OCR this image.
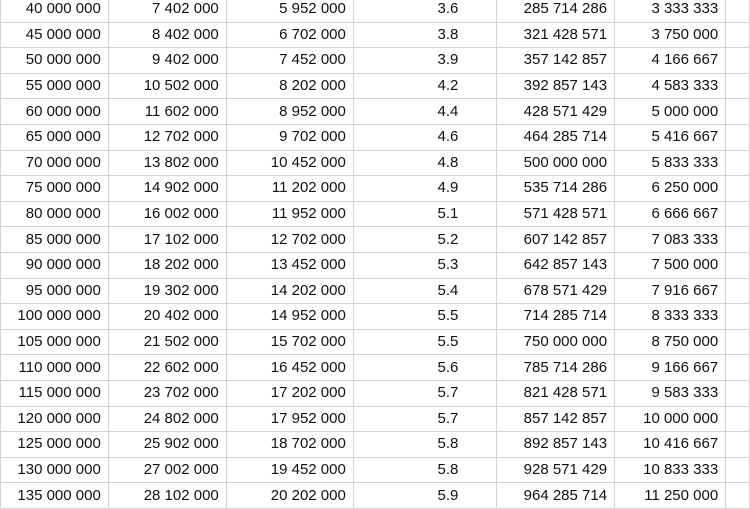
40 000 000	7 402 000	5 952 000	3.6	285 714 286	3 333 333	
45 000 000	8 402 000	6 702 000	3.8	321 428 571	3 750 000	
50 000 000	9 402 000	7 452 000	3.9	357 142 857	4 166 667	
55 000 000	10 502 000	8 202 000	4.2	392 857 143	4 583 333	
60 000 000	11 602 000	8 952 000	4.4	428 571 429	5 000 000	
65 000 000	12 702 000	9 702 000	4.6	464 285 714	5 416 667	
70 000 000	13 802 000	10 452 000	4.8	500 000 000	5 833 333	
75 000 000	14 902 000	11 202 000	4.9	535 714 286	6 250 000	
80 000 000	16 002 000	11 952 000	5.1	571 428 571	6 666 667	
85 000 000	17 102 000	12 702 000	5.2	607 142 857	7 083 333	
90 000 000	18 202 000	13 452 000	5.3	642 857 143	7 500 000	
95 000 000	19 302 000	14 202 000	5.4	678 571 429	7 916 667	
100 000 000	20 402 000	14 952 000	5.5	714 285 714	8 333 333	
105 000 000	21 502 000	15 702 000	5.5	750 000 000	8 750 000	
110 000 000	22 602 000	16 452 000	5.6	785 714 286	9 166 667	
115 000 000	23 702 000	17 202 000	5.7	821 428 571	9 583 333	
120 000 000	24 802 000	17 952 000	5.7	857 142 857	10 000 000	
125 000 000	25 902 000	18 702 000	5.8	892 857 143	10 416 667	
130 000 000	27 002 000	19 452 000	5.8	928 571 429	10 833 333	
135 000 000	28 102 000	20 202 000	5.9	964 285 714	11 250 000	
